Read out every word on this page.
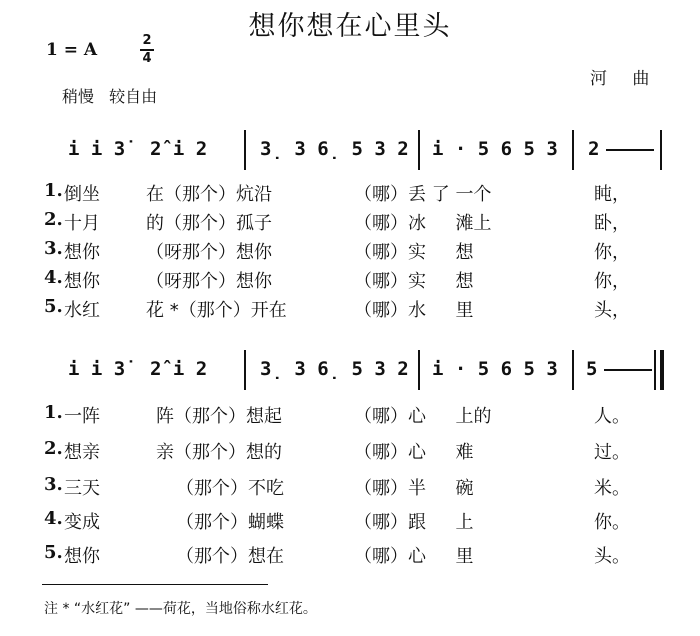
想你想在心里头
1 = A	2
4
河 曲
稍慢 较自由
i i 3̇ 2̂ i 2	3̣ 3 6̣ 5 3 2 i · 5 6 5 3 2
1. 倒坐	在（那个）炕沿	（哪）丢 了 一个	盹，
2. 十月	的（那个）孤子	（哪）冰 　 滩上	卧，
3. 想你	（呀那个）想你	（哪）实 　 想	你，
4. 想你	（呀那个）想你	（哪）实 　 想	你，
5. 水红	花 *（那个）开在	（哪）水 　 里	头，
i i 3̇ 2̂ i 2	3̣ 3 6̣ 5 3 2 i · 5 6 5 3 5
1. 一阵	阵（那个）想起	（哪）心 　 上的	人。
2. 想亲	亲（那个）想的	（哪）心 　 难	过。
3. 三天	（那个）不吃	（哪）半 　 碗	米。
4. 变成	（那个）蝴蝶	（哪）跟 　 上	你。
5. 想你	（那个）想在	（哪）心 　 里	头。
注 * “水红花” ——荷花，当地俗称水红花。
